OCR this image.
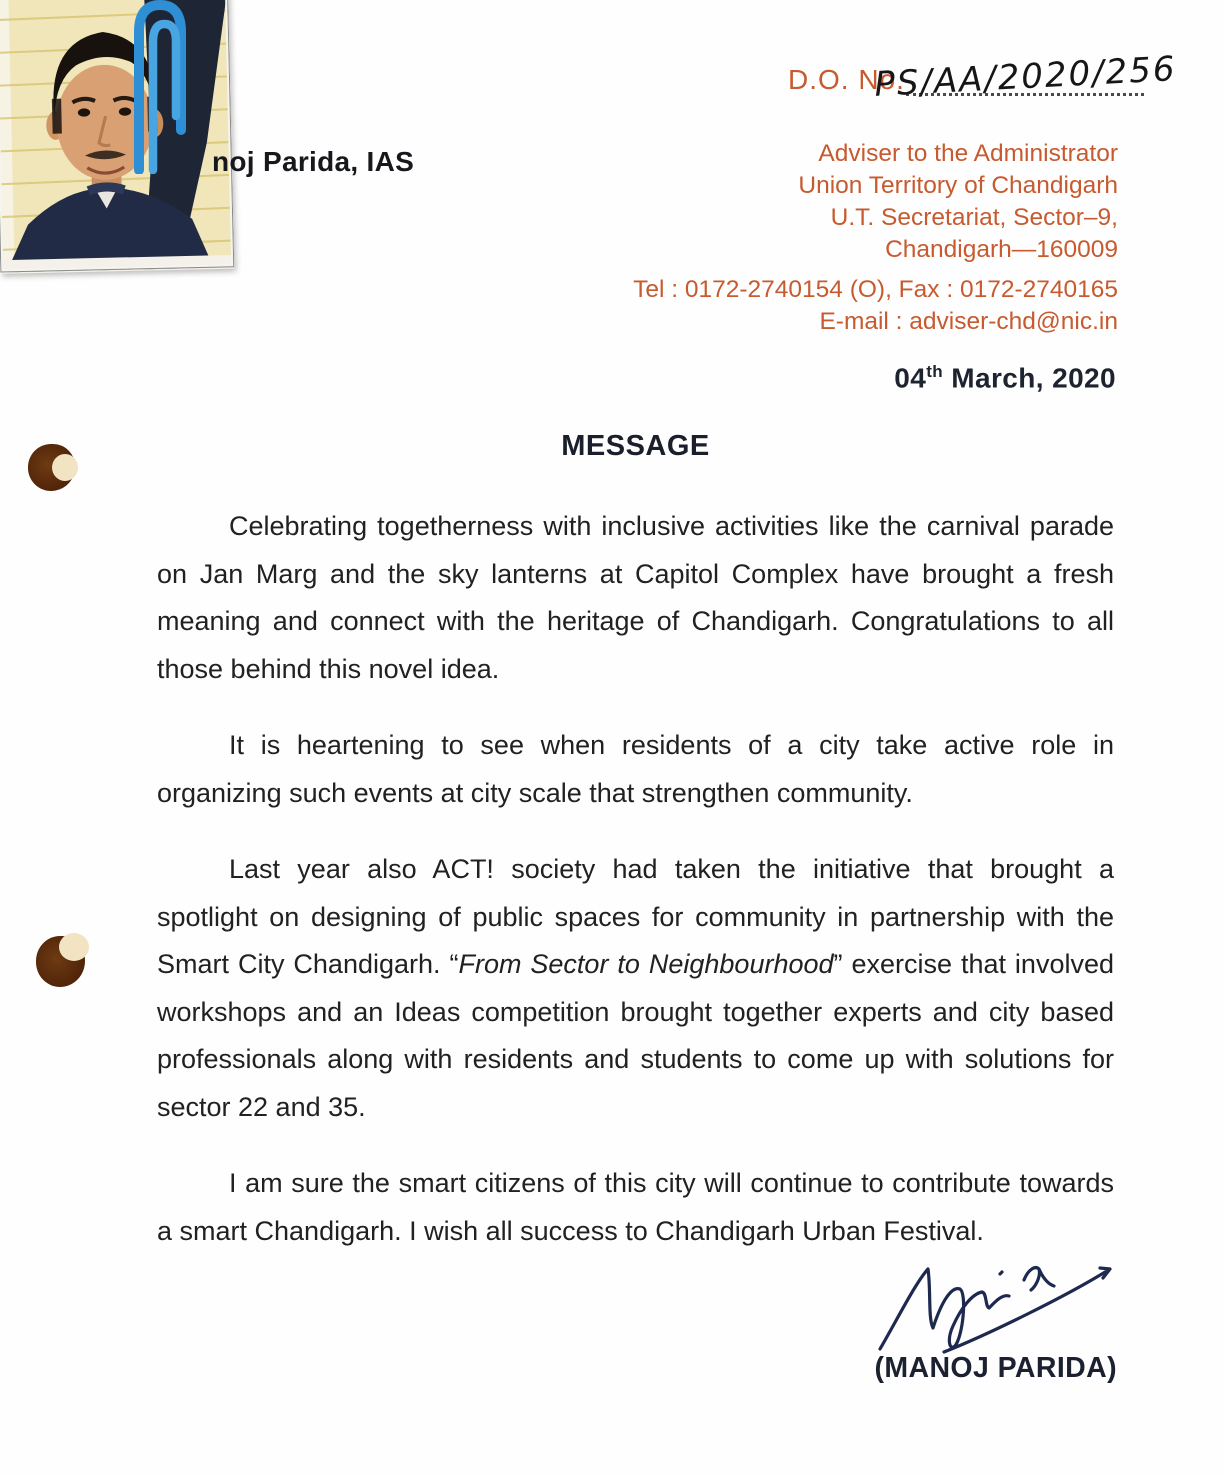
D.O. No.
PS/AA/2020/256
noj Parida, IAS	Adviser to the Administrator
Union Territory of Chandigarh
U.T. Secretariat, Sector–9,
Chandigarh—160009
Tel : 0172-2740154 (O), Fax : 0172-2740165
E-mail : adviser-chd@nic.in
04th March, 2020
MESSAGE

Celebrating togetherness with inclusive activities like the carnival parade on Jan Marg and the sky lanterns at Capitol Complex have brought a fresh meaning and connect with the heritage of Chandigarh. Congratulations to all those behind this novel idea.

It is heartening to see when residents of a city take active role in organizing such events at city scale that strengthen community.

Last year also ACT! society had taken the initiative that brought a spotlight on designing of public spaces for community in partnership with the Smart City Chandigarh. “From Sector to Neighbourhood” exercise that involved workshops and an Ideas competition brought together experts and city based professionals along with residents and students to come up with solutions for sector 22 and 35.

I am sure the smart citizens of this city will continue to contribute towards a smart Chandigarh. I wish all success to Chandigarh Urban Festival.

(MANOJ PARIDA)
